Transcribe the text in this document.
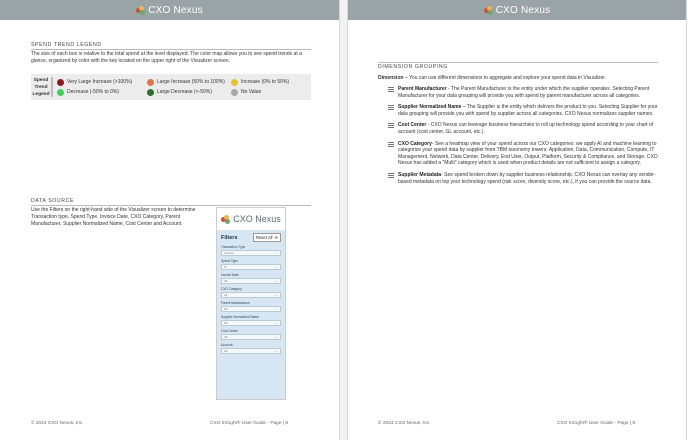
CXO Nexus	CXO Nexus
SPEND TREND LEGEND
The size of each box is relative to the total spend at the level displayed. The color map allows you to see spend trends at a glance, organized by color with the key located on the upper right of the Visualizer screen.
Spend Trend
Legend
Very Large Increase (>100%)	Large Increase (50% to 100%)	Increase (0% to 50%)
Decrease (-50% to 0%)	Large Decrease (<-50%)	No Value
DATA SOURCE
Use the Filters on the right-hand side of the Visualizer screen to determine Transaction type, Spend Type, Invoice Date, CXO Category, Parent Manufacturer, Supplier Normalized Name, Cost Center and Account.	CXO Nexus
Filters	Reset All ⟳
Transaction Type
Invoice	⌄
Spend Type
IT	⌄
Invoice Date
All	⌄
CXO Category
All	⌄
Parent Manufacturer
All	⌄
Supplier Normalized Name
All	⌄
Cost Center
All	⌄
Account
All	⌄
© 2024 CXO Nexus, Inc.	CXO InCight® User Guide - Page | 8
DIMENSION GROUPING
Dimension – You can use different dimensions to aggregate and explore your spend data in Visualizer.
Parent Manufacturer - The Parent Manufacturer is the entity under which the supplier operates. Selecting Parent Manufacturer for your data grouping will provide you with spend by parent manufacturer across all categories.
Supplier Normalized Name – The Supplier is the entity which delivers the product to you. Selecting Supplier for your data grouping will provide you with spend by supplier across all categories. CXO Nexus normalizes supplier names.
Cost Center - CXO Nexus can leverage business hierarchies to roll up technology spend according to your chart of account (cost center, GL account, etc.).
CXO Category- See a heatmap view of your spend across our CXO categories: we apply AI and machine learning to categorize your spend data by supplier from TBM taxonomy towers: Application, Data, Communication, Compute, IT Management, Network, Data Center, Delivery, End User, Output, Platform, Security & Compliance, and Storage. CXO Nexus has added a "Multi" category which is used when product details are not sufficient to assign a category.
Supplier Metadata- See spend broken down by supplier business relationship. CXO Nexus can overlay any vendor-based metadata on top your technology spend (risk score, diversity score, etc.), if you can provide the source data.
© 2024 CXO Nexus, Inc.	CXO InCight® User Guide - Page | 9
